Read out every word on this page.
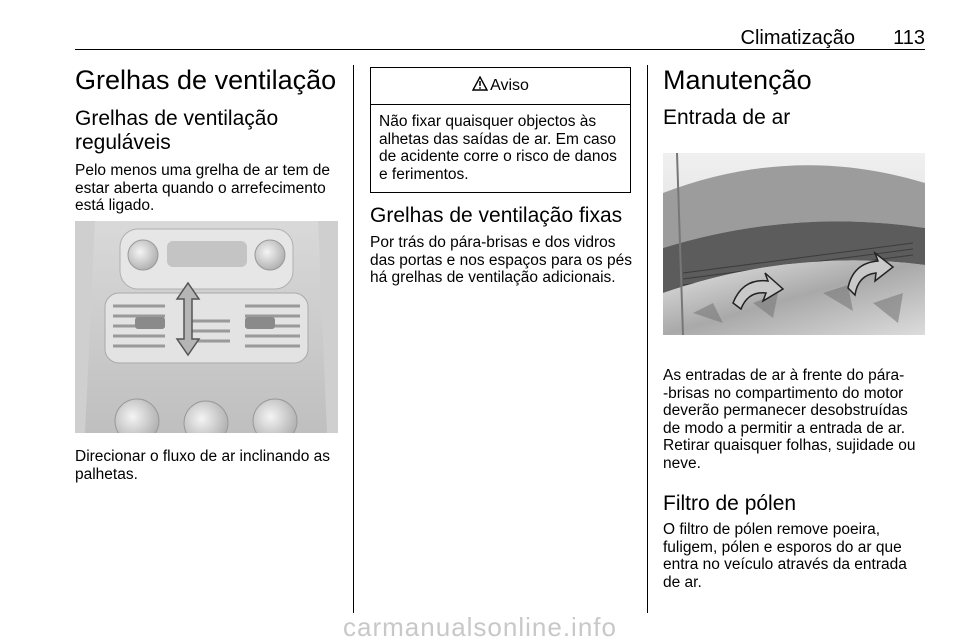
Climatização	113
Grelhas de ventilação
Grelhas de ventilação
reguláveis
Pelo menos uma grelha de ar tem de
estar aberta quando o arrefecimento
está ligado.
Direcionar o fluxo de ar inclinando as
palhetas.
Aviso
Não fixar quaisquer objectos às
alhetas das saídas de ar. Em caso
de acidente corre o risco de danos
e ferimentos.
Grelhas de ventilação fixas
Por trás do pára-brisas e dos vidros
das portas e nos espaços para os pés
há grelhas de ventilação adicionais.
Manutenção
Entrada de ar
As entradas de ar à frente do pára-
-brisas no compartimento do motor
deverão permanecer desobstruídas
de modo a permitir a entrada de ar.
Retirar quaisquer folhas, sujidade ou
neve.
Filtro de pólen
O filtro de pólen remove poeira,
fuligem, pólen e esporos do ar que
entra no veículo através da entrada
de ar.
carmanualsonline.info
